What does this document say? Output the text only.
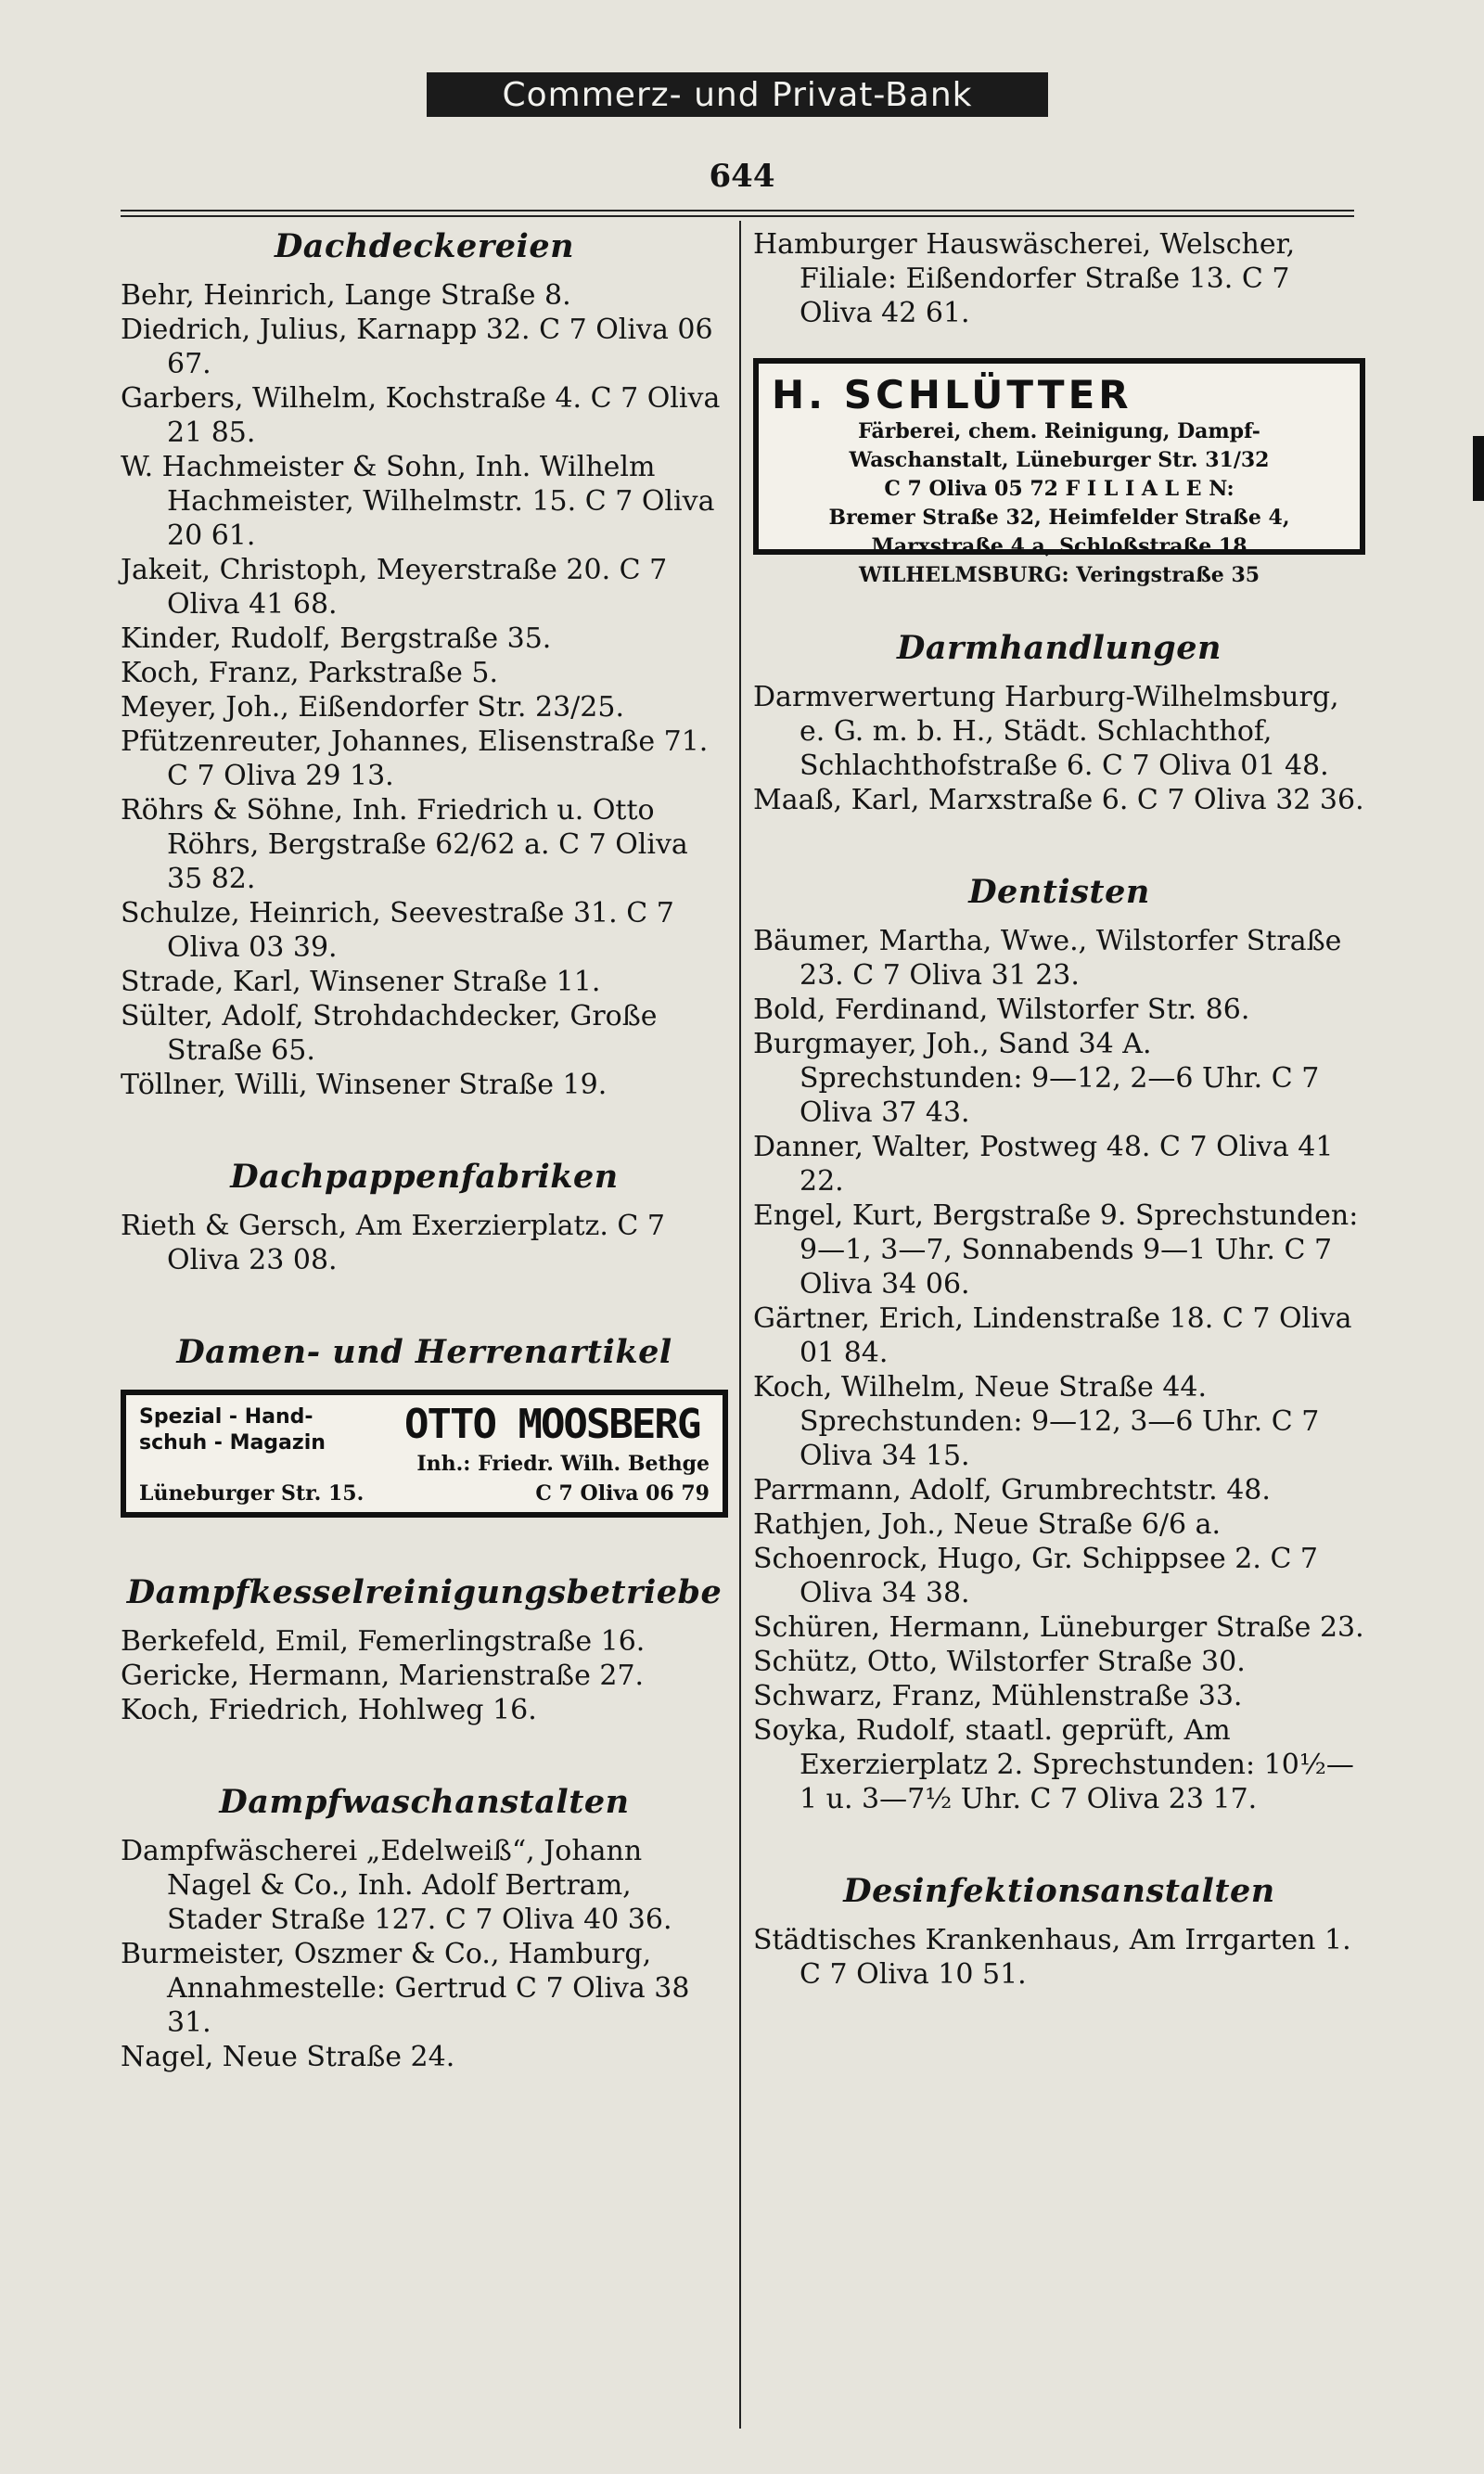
Commerz- und Privat-Bank
644
Dachdeckereien

Behr, Heinrich, Lange Straße 8.

Diedrich, Julius, Karnapp 32. C 7 Oliva 06 67.

Garbers, Wilhelm, Kochstraße 4. C 7 Oliva 21 85.

W. Hachmeister & Sohn, Inh. Wilhelm Hachmeister, Wilhelmstr. 15. C 7 Oliva 20 61.

Jakeit, Christoph, Meyerstraße 20. C 7 Oliva 41 68.

Kinder, Rudolf, Bergstraße 35.

Koch, Franz, Parkstraße 5.

Meyer, Joh., Eißendorfer Str. 23/25.

Pfützenreuter, Johannes, Elisenstraße 71. C 7 Oliva 29 13.

Röhrs & Söhne, Inh. Friedrich u. Otto Röhrs, Bergstraße 62/62 a. C 7 Oliva 35 82.

Schulze, Heinrich, Seevestraße 31. C 7 Oliva 03 39.

Strade, Karl, Winsener Straße 11.

Sülter, Adolf, Strohdachdecker, Große Straße 65.

Töllner, Willi, Winsener Straße 19.

Dachpappenfabriken

Rieth & Gersch, Am Exerzierplatz. C 7 Oliva 23 08.

Damen- und Herrenartikel
Spezial - Hand-
schuh - Magazin OTTO MOOSBERG
Inh.: Friedr. Wilh. Bethge
Lüneburger Str. 15.	C 7 Oliva 06 79
Dampfkesselreinigungsbetriebe

Berkefeld, Emil, Femerlingstraße 16.

Gericke, Hermann, Marienstraße 27.

Koch, Friedrich, Hohlweg 16.

Dampfwaschanstalten

Dampfwäscherei „Edelweiß“, Johann Nagel & Co., Inh. Adolf Bertram, Stader Straße 127. C 7 Oliva 40 36.

Burmeister, Oszmer & Co., Hamburg, Annahmestelle: Gertrud C 7 Oliva 38 31.

Nagel, Neue Straße 24.

Hamburger Hauswäscherei, Welscher, Filiale: Eißendorfer Straße 13. C 7 Oliva 42 61.

H. SCHLÜTTER
Färberei, chem. Reinigung, Dampf-
Waschanstalt, Lüneburger Str. 31/32
C 7 Oliva 05 72 F I L I A L E N:
Bremer Straße 32, Heimfelder Straße 4,
Marxstraße 4 a, Schloßstraße 18
WILHELMSBURG: Veringstraße 35
Darmhandlungen

Darmverwertung Harburg-Wilhelmsburg, e. G. m. b. H., Städt. Schlachthof, Schlachthofstraße 6. C 7 Oliva 01 48.

Maaß, Karl, Marxstraße 6. C 7 Oliva 32 36.

Dentisten

Bäumer, Martha, Wwe., Wilstorfer Straße 23. C 7 Oliva 31 23.

Bold, Ferdinand, Wilstorfer Str. 86.

Burgmayer, Joh., Sand 34 A. Sprechstunden: 9—12, 2—6 Uhr. C 7 Oliva 37 43.

Danner, Walter, Postweg 48. C 7 Oliva 41 22.

Engel, Kurt, Bergstraße 9. Sprechstunden: 9—1, 3—7, Sonnabends 9—1 Uhr. C 7 Oliva 34 06.

Gärtner, Erich, Lindenstraße 18. C 7 Oliva 01 84.

Koch, Wilhelm, Neue Straße 44. Sprechstunden: 9—12, 3—6 Uhr. C 7 Oliva 34 15.

Parrmann, Adolf, Grumbrechtstr. 48.

Rathjen, Joh., Neue Straße 6/6 a.

Schoenrock, Hugo, Gr. Schippsee 2. C 7 Oliva 34 38.

Schüren, Hermann, Lüneburger Straße 23.

Schütz, Otto, Wilstorfer Straße 30.

Schwarz, Franz, Mühlenstraße 33.

Soyka, Rudolf, staatl. geprüft, Am Exerzierplatz 2. Sprechstunden: 10½—1 u. 3—7½ Uhr. C 7 Oliva 23 17.

Desinfektionsanstalten

Städtisches Krankenhaus, Am Irrgarten 1. C 7 Oliva 10 51.
